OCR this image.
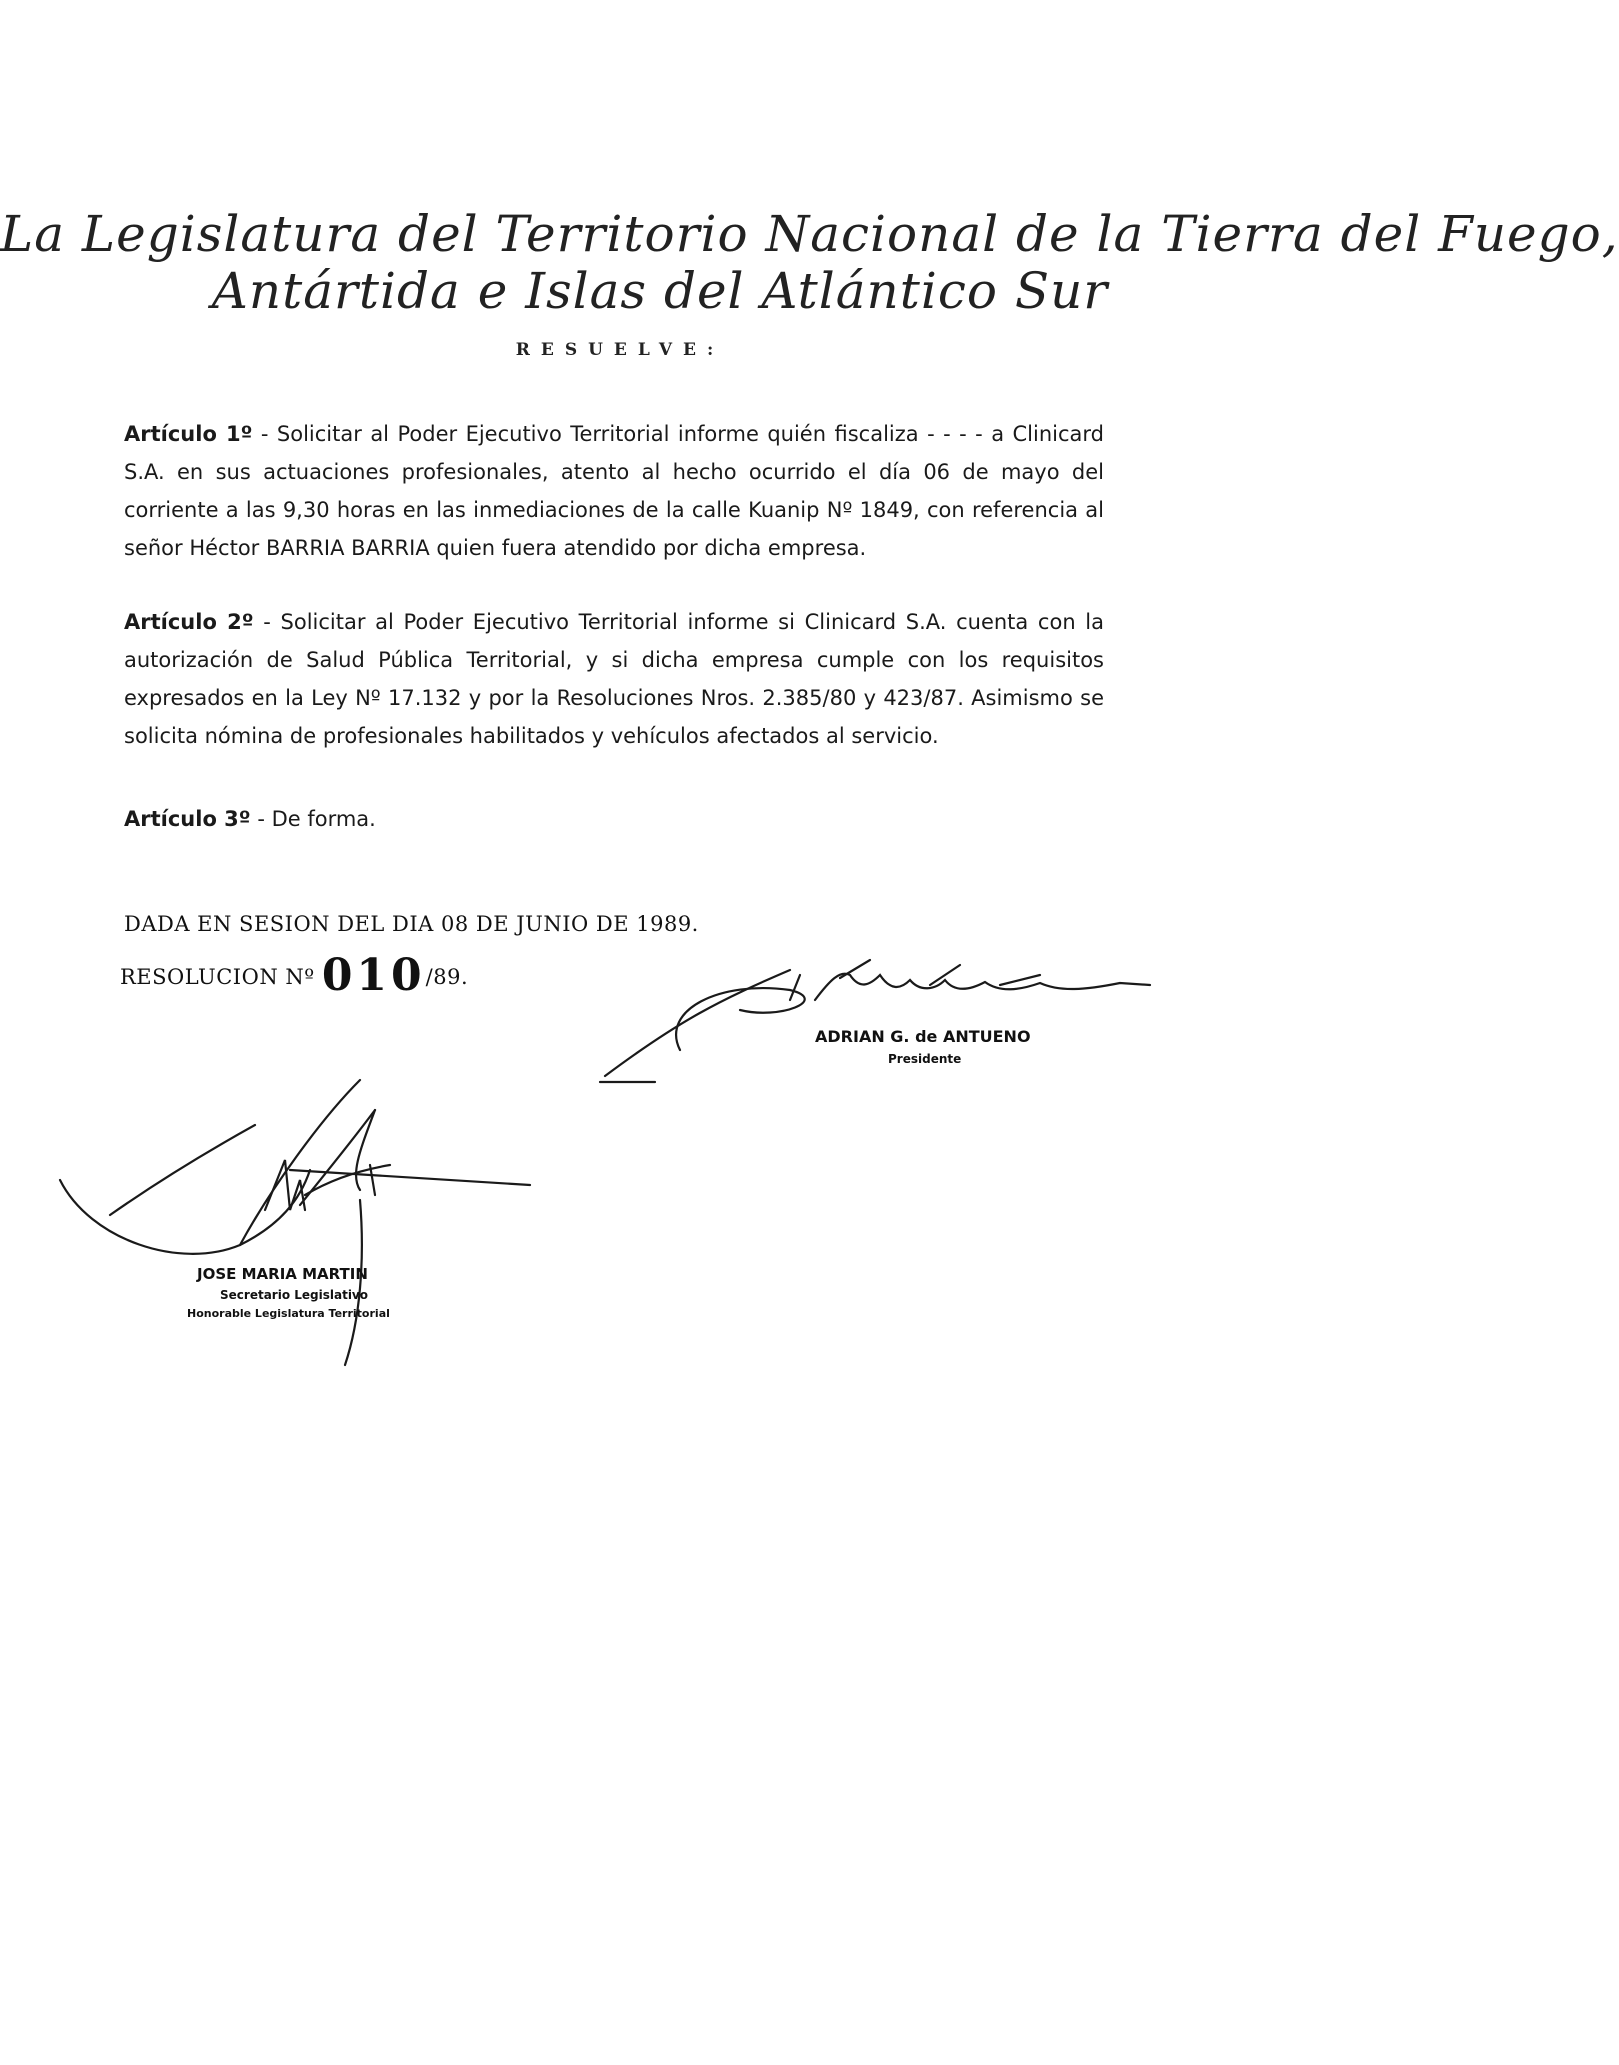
La Legislatura del Territorio Nacional de la Tierra del Fuego,
Antártida e Islas del Atlántico Sur
RESUELVE:
Artículo 1º - Solicitar al Poder Ejecutivo Territorial informe quién fiscaliza - - - - a Clinicard S.A. en sus actuaciones profesionales, atento al hecho ocurrido el día 06 de mayo del corriente a las 9,30 horas en las inmediaciones de la calle Kuanip Nº 1849, con referencia al señor Héctor BARRIA BARRIA quien fuera atendido por dicha empresa.
Artículo 2º - Solicitar al Poder Ejecutivo Territorial informe si Clinicard S.A. cuenta con la autorización de Salud Pública Territorial, y si dicha empresa cumple con los requisitos expresados en la Ley Nº 17.132 y por la Resoluciones Nros. 2.385/80 y 423/87. Asimismo se solicita nómina de profesionales habilitados y vehículos afectados al servicio.
Artículo 3º - De forma.
DADA EN SESION DEL DIA 08 DE JUNIO DE 1989.
RESOLUCION Nº 010/89.
ADRIAN G. de ANTUENO
Presidente
JOSE MARIA MARTIN
Secretario Legislativo
Honorable Legislatura Territorial
